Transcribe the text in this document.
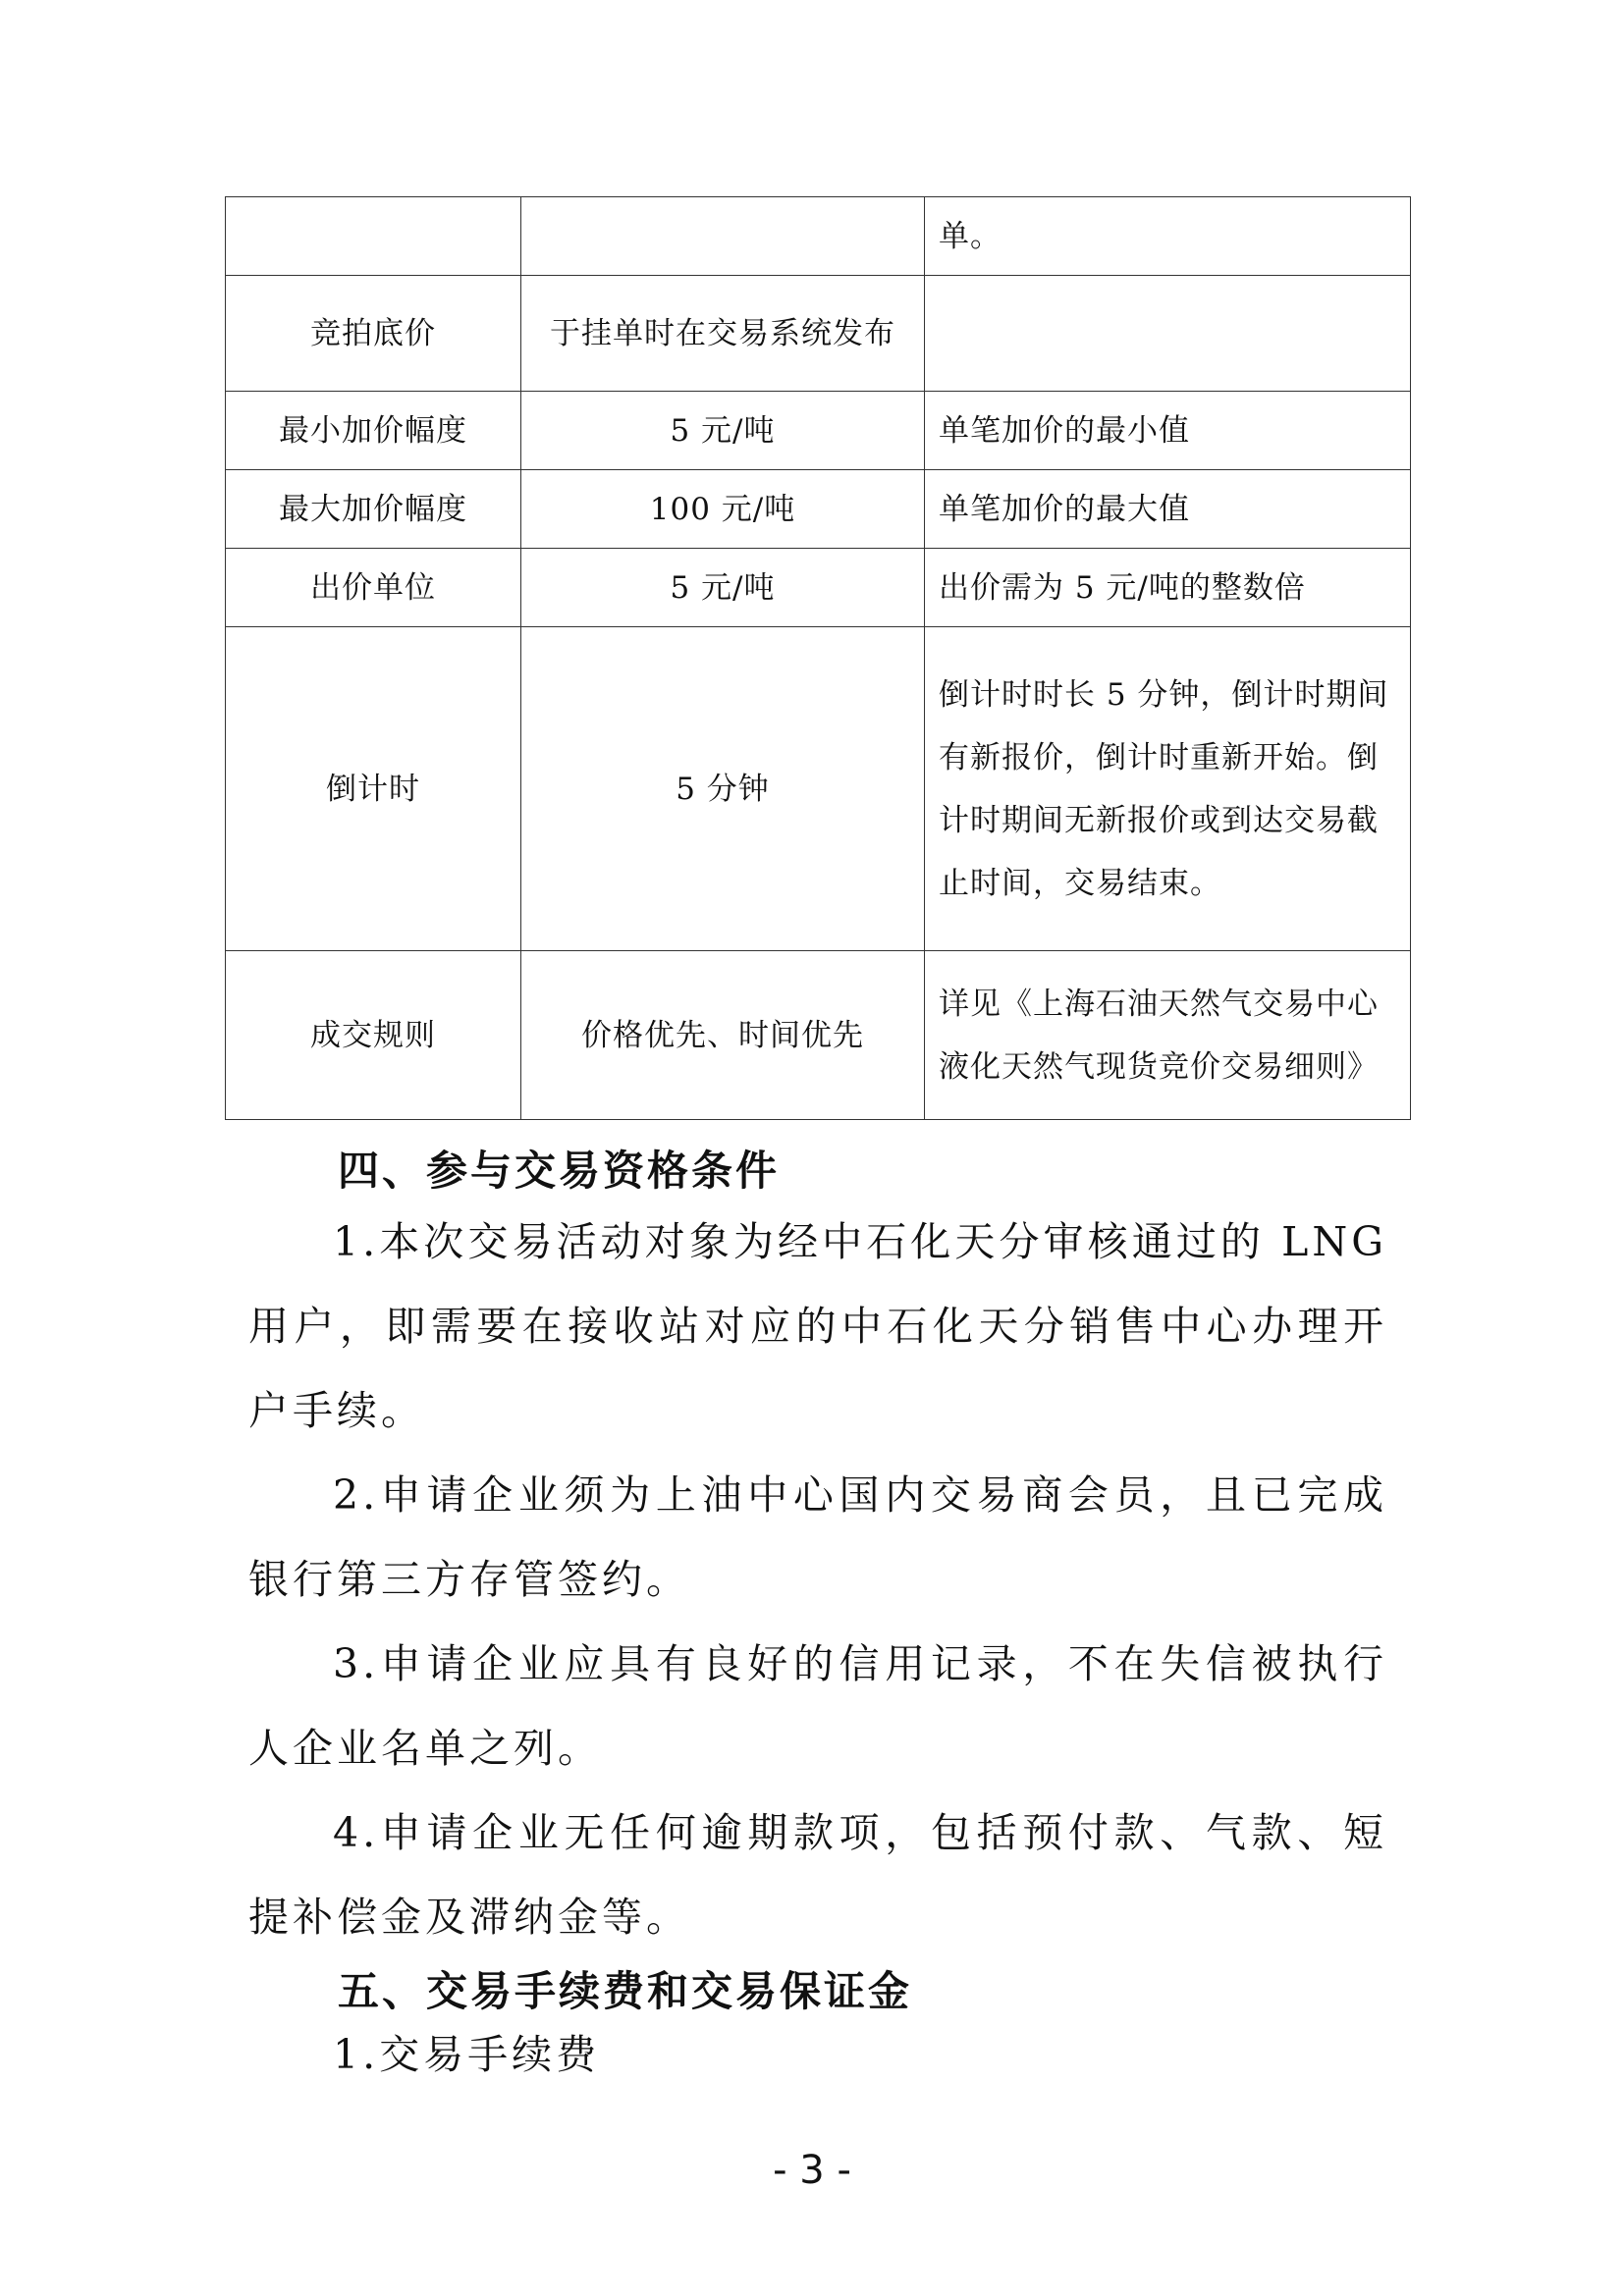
		单。
竞拍底价	于挂单时在交易系统发布	
最小加价幅度	5 元/吨	单笔加价的最小值
最大加价幅度	100 元/吨	单笔加价的最大值
出价单位	5 元/吨	出价需为 5 元/吨的整数倍
倒计时	5 分钟	倒计时时长 5 分钟，倒计时期间有新报价，倒计时重新开始。倒计时期间无新报价或到达交易截止时间，交易结束。
成交规则	价格优先、时间优先	详见《上海石油天然气交易中心液化天然气现货竞价交易细则》
四、参与交易资格条件
1.本次交易活动对象为经中石化天分审核通过的 LNG 用户，即需要在接收站对应的中石化天分销售中心办理开户手续。
2.申请企业须为上油中心国内交易商会员，且已完成银行第三方存管签约。
3.申请企业应具有良好的信用记录，不在失信被执行人企业名单之列。
4.申请企业无任何逾期款项，包括预付款、气款、短提补偿金及滞纳金等。
五、交易手续费和交易保证金
1.交易手续费
- 3 -
